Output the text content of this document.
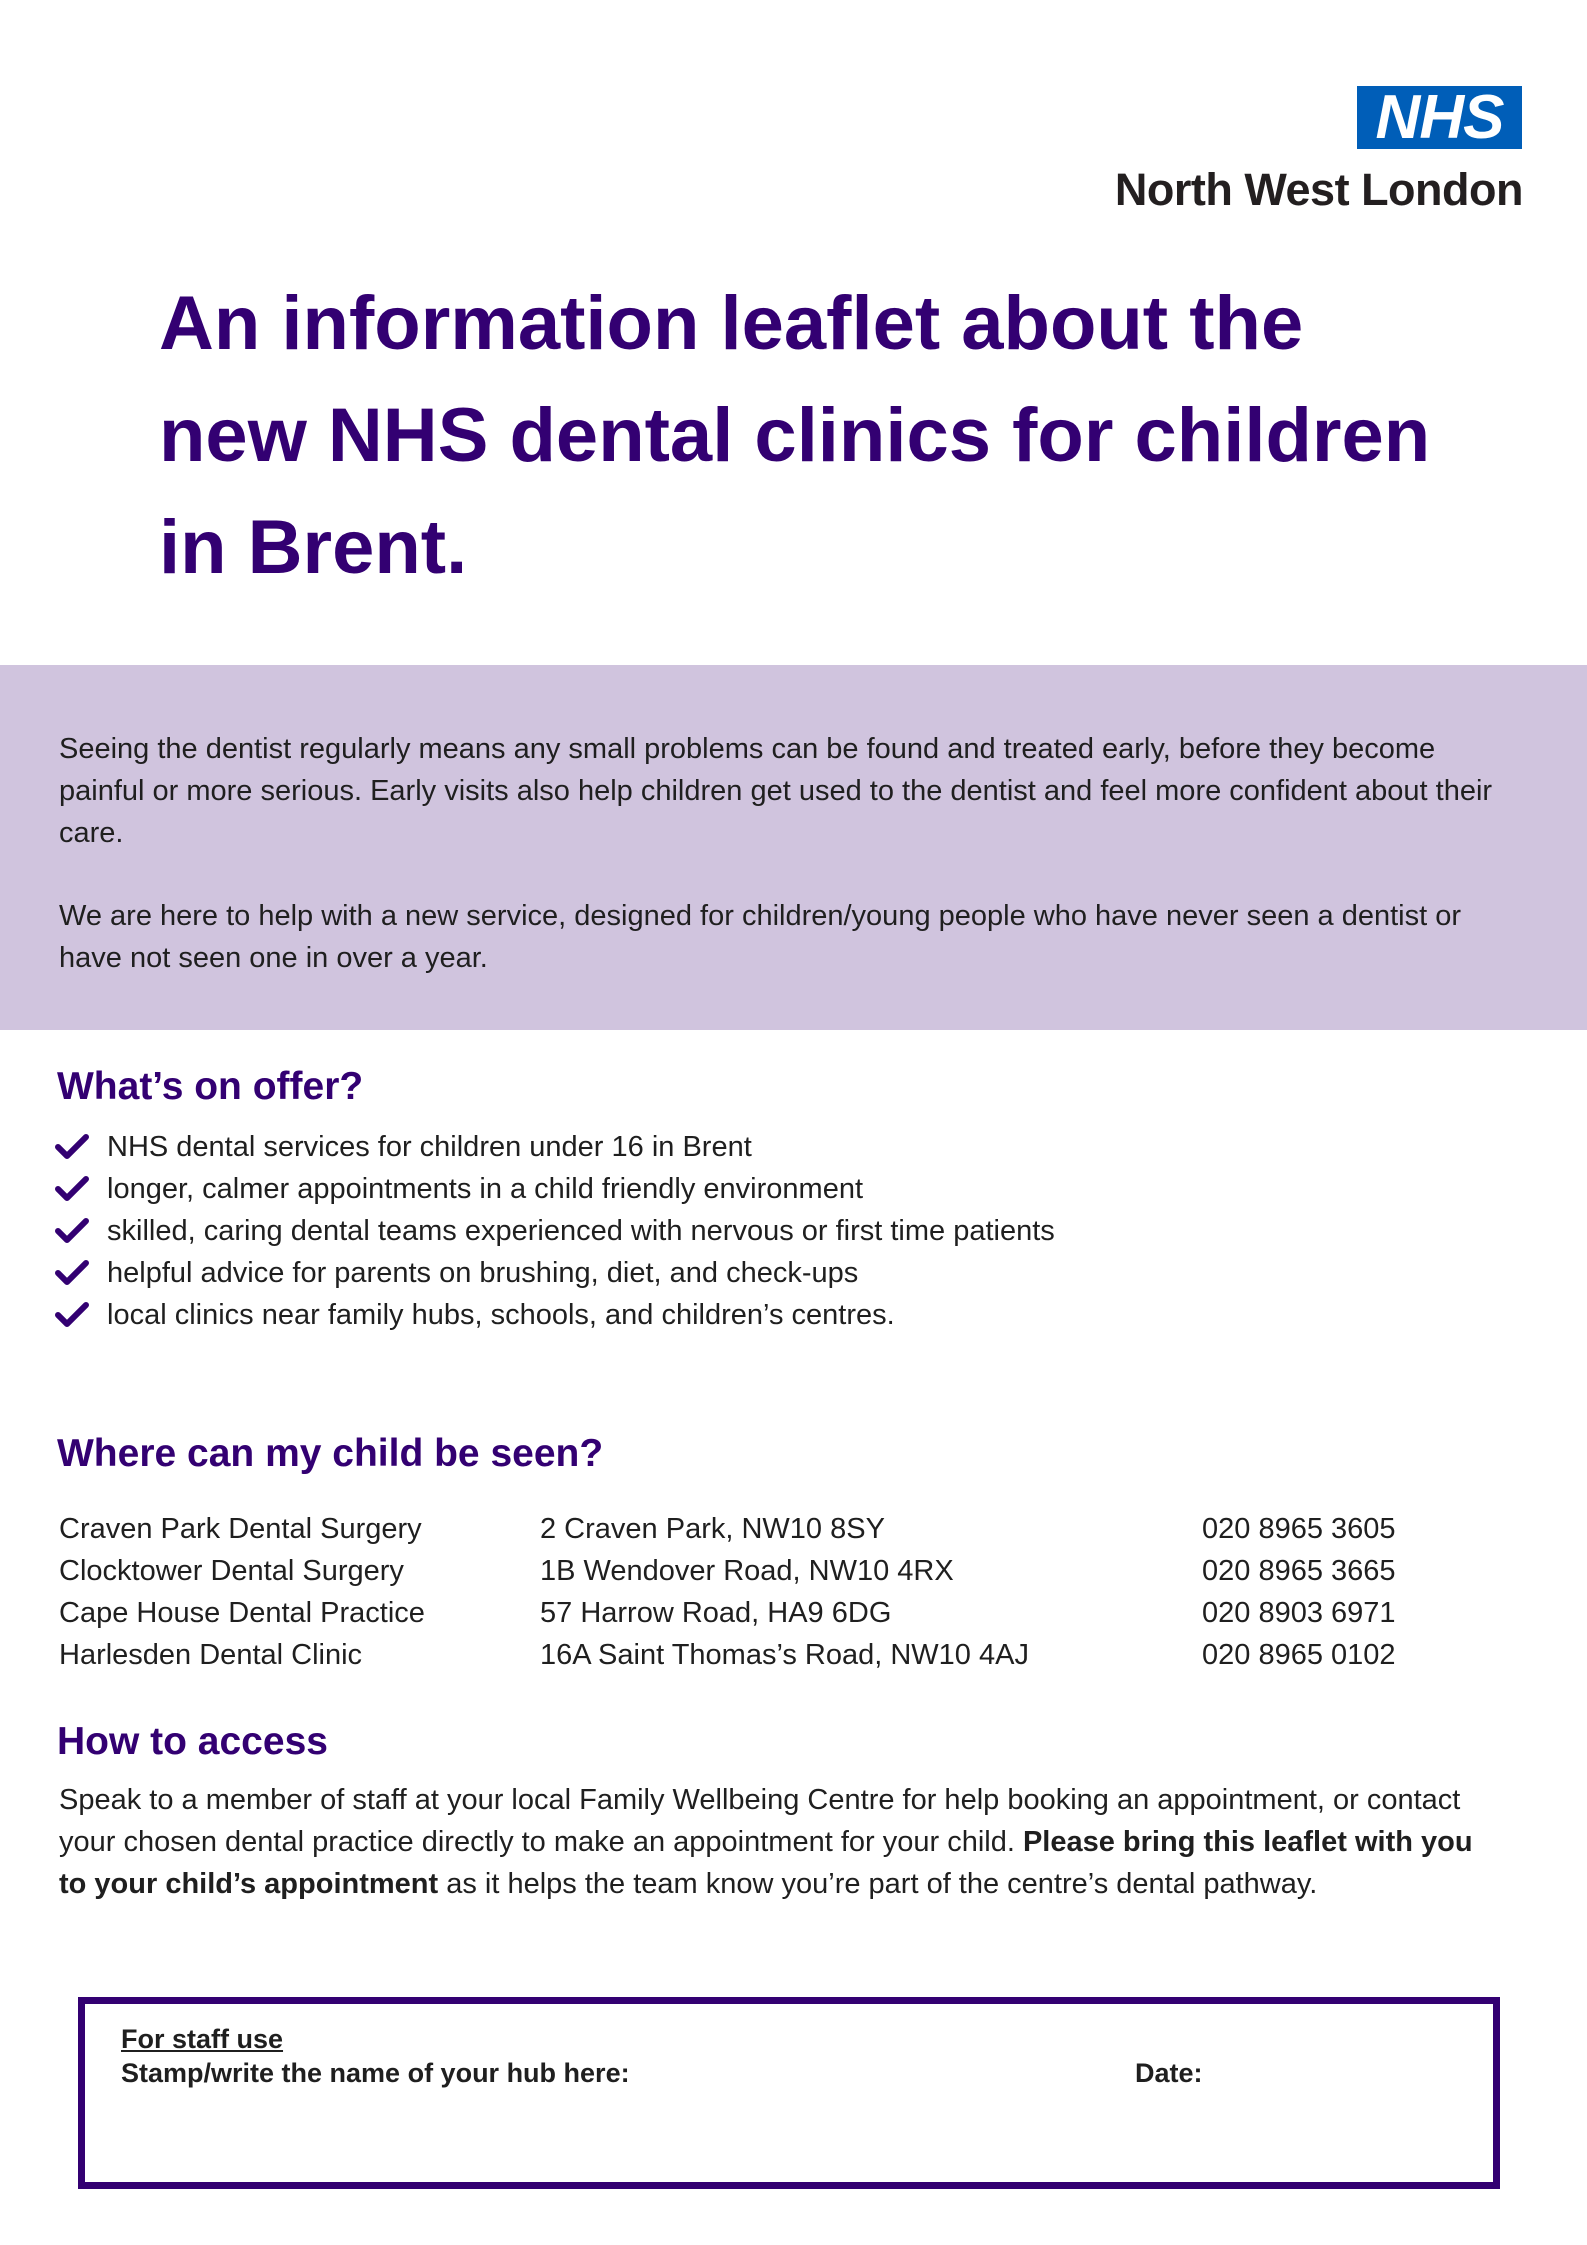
NHS
North West London
An information leaflet about the new NHS dental clinics for children in Brent.

Seeing the dentist regularly means any small problems can be found and treated early, before they become painful or more serious. Early visits also help children get used to the dentist and feel more confident about their care.

We are here to help with a new service, designed for children/young people who have never seen a dentist or have not seen one in over a year.

What’s on offer?
NHS dental services for children under 16 in Brent
longer, calmer appointments in a child friendly environment
skilled, caring dental teams experienced with nervous or first time patients
helpful advice for parents on brushing, diet, and check-ups
local clinics near family hubs, schools, and children’s centres.
Where can my child be seen?
Craven Park Dental Surgery	2 Craven Park, NW10 8SY	020 8965 3605
Clocktower Dental Surgery	1B Wendover Road, NW10 4RX	020 8965 3665
Cape House Dental Practice	57 Harrow Road, HA9 6DG	020 8903 6971
Harlesden Dental Clinic	16A Saint Thomas’s Road, NW10 4AJ	020 8965 0102
How to access

Speak to a member of staff at your local Family Wellbeing Centre for help booking an appointment, or contact your chosen dental practice directly to make an appointment for your child. Please bring this leaflet with you to your child’s appointment as it helps the team know you’re part of the centre’s dental pathway.

For staff use
Stamp/write the name of your hub here:	Date:
